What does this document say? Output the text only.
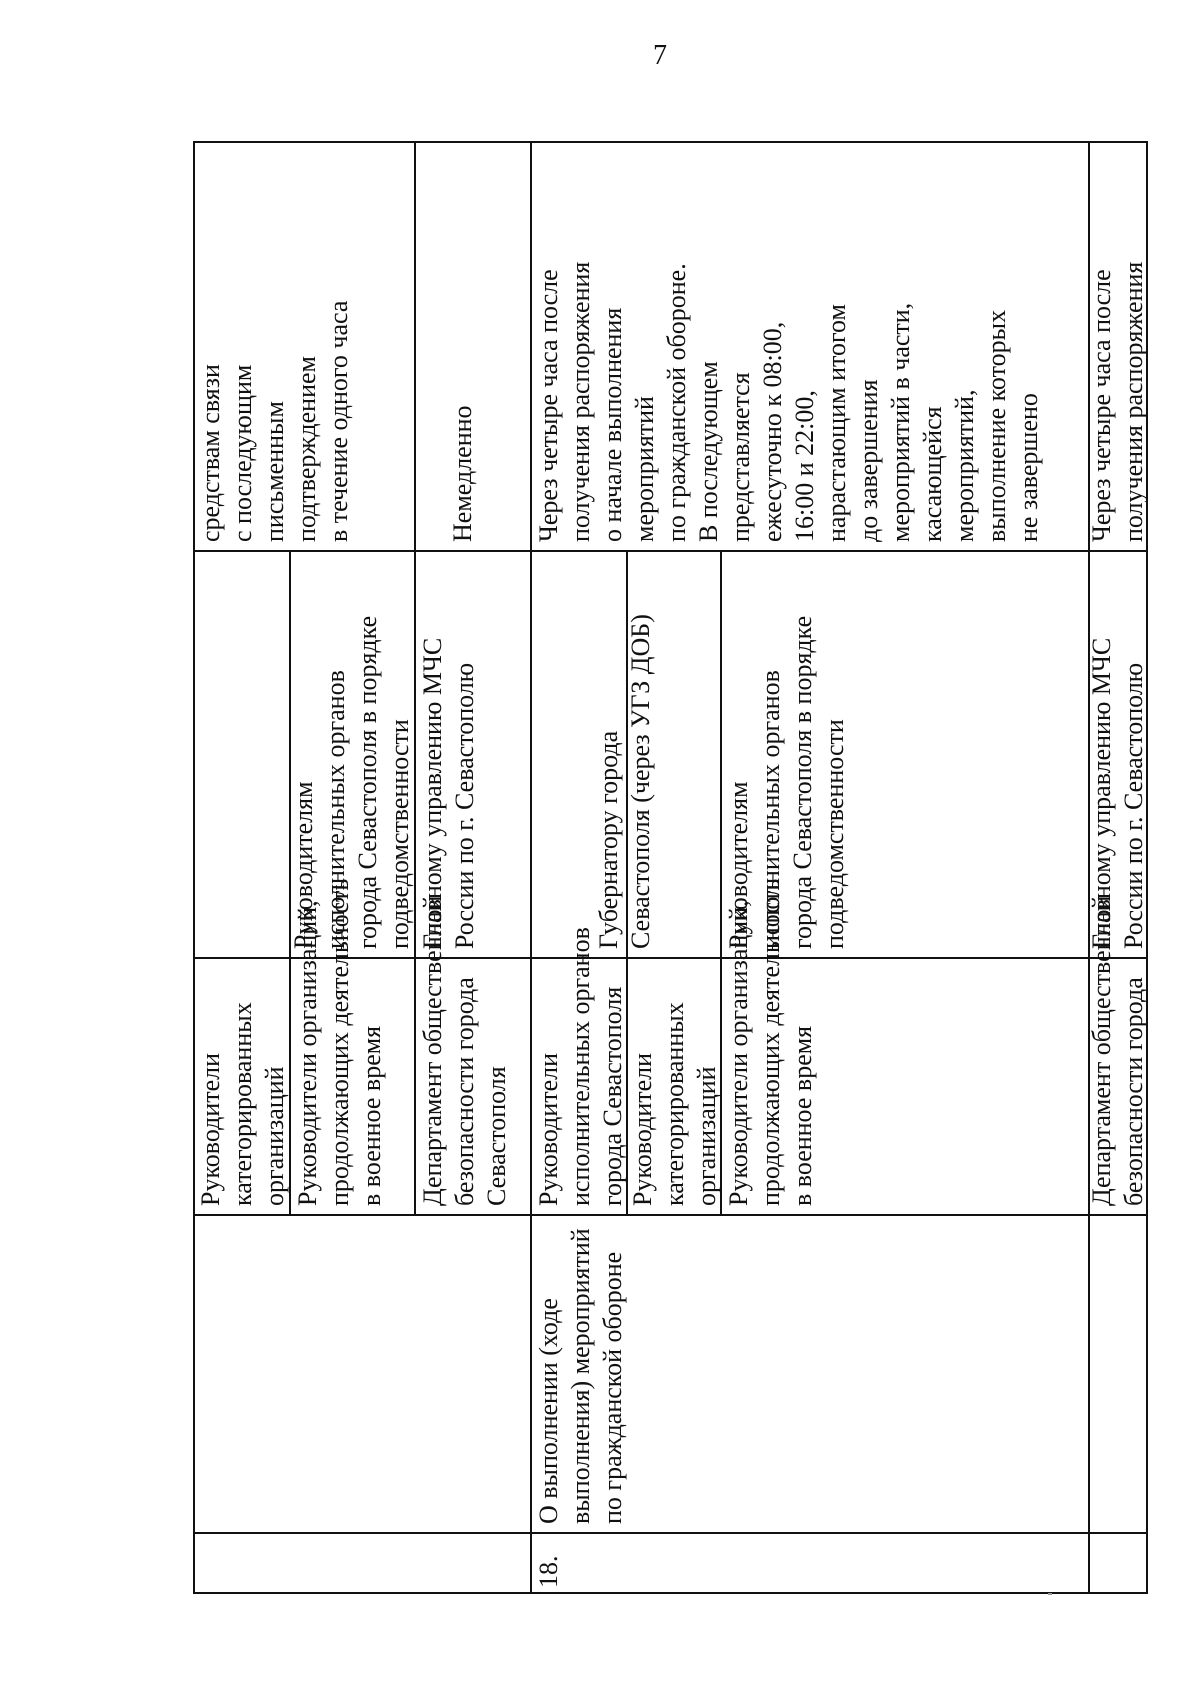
7
Руководители категорированных организаций Руководители организаций, продолжающих деятельность в военное время
Руководителям исполнительных органов города Севастополя в порядке подведомственности
средствам связи с последующим письменным подтверждением в течение одного часа
Департамент общественной безопасности города Севастополя
Главному управлению МЧС России по г. Севастополю
Немедленно
18.
О выполнении (ходе выполнения) мероприятий по гражданской обороне
Руководители исполнительных органов города Севастополя Руководители категорированных организаций Руководители организаций, продолжающих деятельность в военное время
Губернатору города Севастополя (через УГЗ ДОБ)	Руководителям исполнительных органов города Севастополя в порядке подведомственности
Через четыре часа после получения распоряжения о начале выполнения мероприятий по гражданской обороне. В последующем представляется ежесуточно к 08:00, 16:00 и 22:00, нарастающим итогом до завершения мероприятий в части, касающейся мероприятий, выполнение которых не завершено
Департамент общественной безопасности города
Главному управлению МЧС России по г. Севастополю
Через четыре часа после получения распоряжения
